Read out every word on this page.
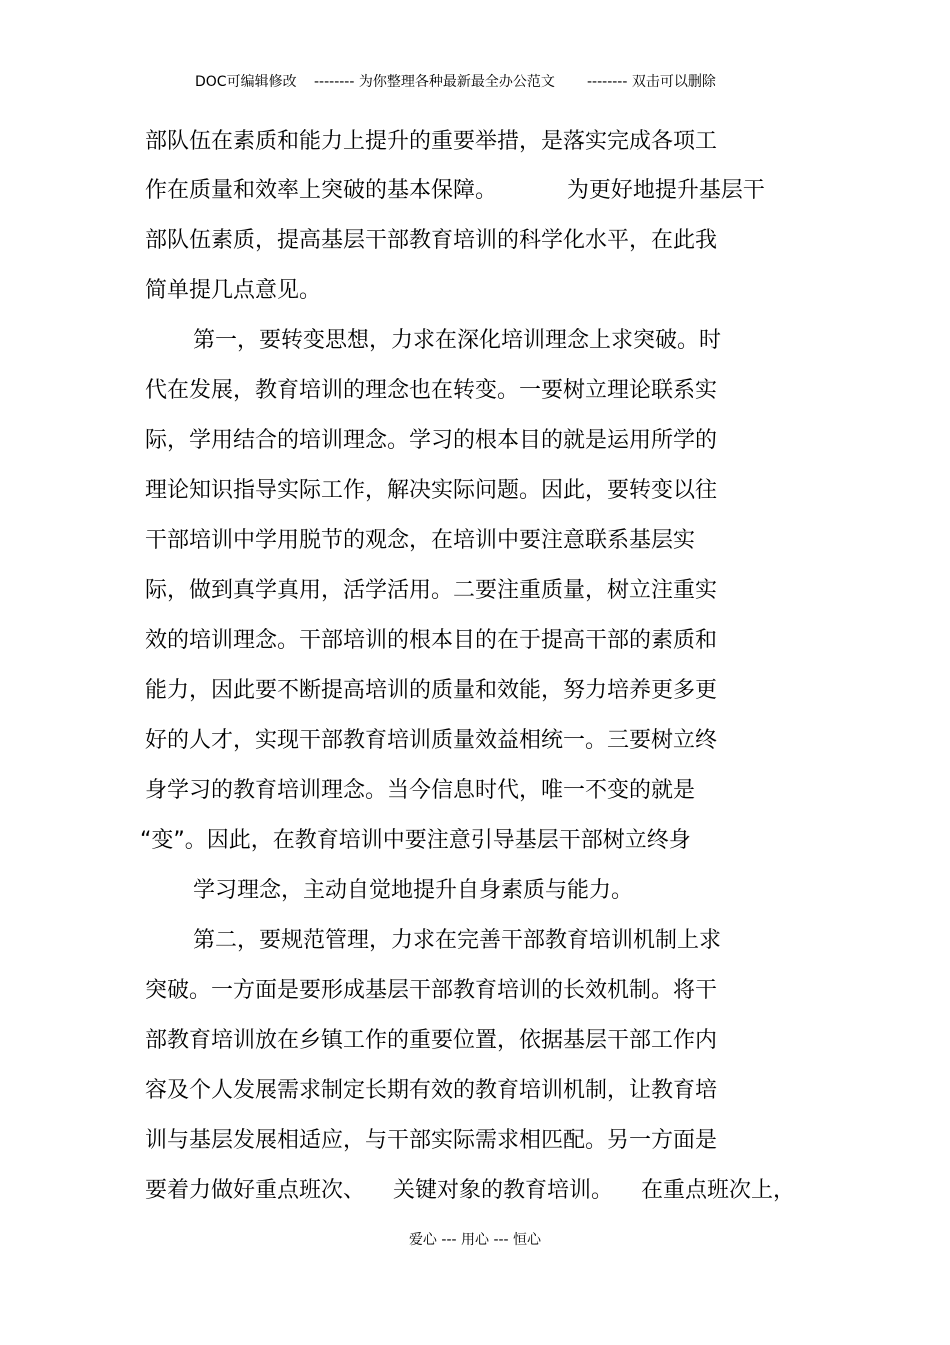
DOC可编辑修改 -------- 为你整理各种最新最全办公范文 -------- 双击可以删除
部队伍在素质和能力上提升的重要举措，是落实完成各项工
作在质量和效率上突破的基本保障。          为更好地提升基层干
部队伍素质，提高基层干部教育培训的科学化水平，在此我
简单提几点意见。
第一，要转变思想，力求在深化培训理念上求突破。时
代在发展，教育培训的理念也在转变。一要树立理论联系实
际，学用结合的培训理念。学习的根本目的就是运用所学的
理论知识指导实际工作，解决实际问题。因此，要转变以往
干部培训中学用脱节的观念，在培训中要注意联系基层实
际，做到真学真用，活学活用。二要注重质量，树立注重实
效的培训理念。干部培训的根本目的在于提高干部的素质和
能力，因此要不断提高培训的质量和效能，努力培养更多更
好的人才，实现干部教育培训质量效益相统一。三要树立终
身学习的教育培训理念。当今信息时代，唯一不变的就是
“变”。因此，在教育培训中要注意引导基层干部树立终身
学习理念，主动自觉地提升自身素质与能力。
第二，要规范管理，力求在完善干部教育培训机制上求
突破。一方面是要形成基层干部教育培训的长效机制。将干
部教育培训放在乡镇工作的重要位置，依据基层干部工作内
容及个人发展需求制定长期有效的教育培训机制，让教育培
训与基层发展相适应，与干部实际需求相匹配。另一方面是
要着力做好重点班次、    关键对象的教育培训。    在重点班次上，
爱心 --- 用心 --- 恒心
